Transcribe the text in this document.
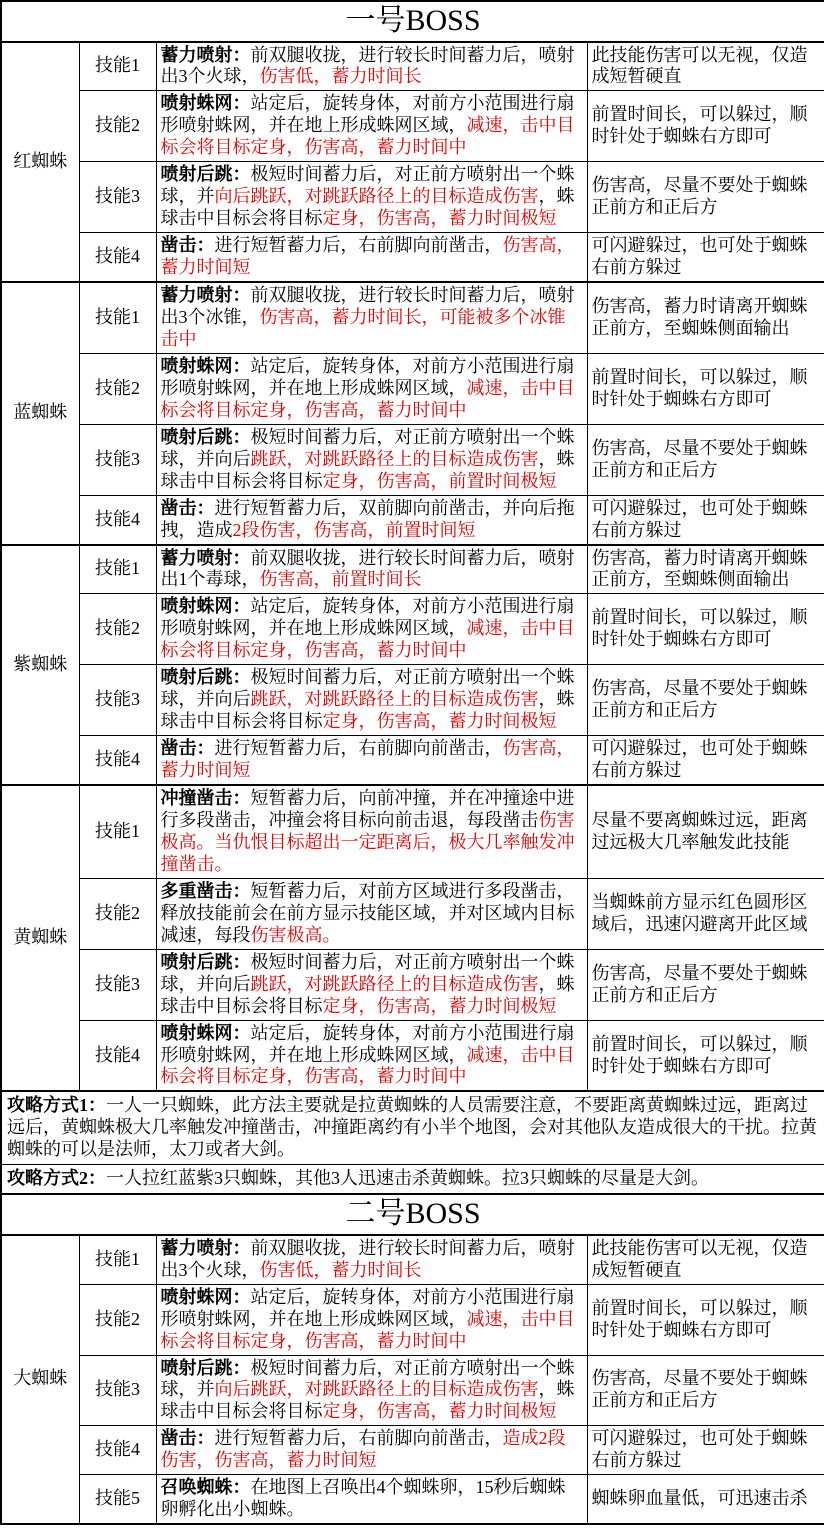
一号BOSS			
红蜘蛛	技能1	蓄力喷射：前双腿收拢，进行较长时间蓄力后，喷射出3个火球，伤害低，蓄力时间长	此技能伤害可以无视，仅造成短暂硬直
	技能2	喷射蛛网：站定后，旋转身体，对前方小范围进行扇形喷射蛛网，并在地上形成蛛网区域，减速，击中目标会将目标定身，伤害高，蓄力时间中	前置时间长，可以躲过，顺时针处于蜘蛛右方即可
	技能3	喷射后跳：极短时间蓄力后，对正前方喷射出一个蛛球，并向后跳跃，对跳跃路径上的目标造成伤害，蛛球击中目标会将目标定身，伤害高，蓄力时间极短	伤害高，尽量不要处于蜘蛛正前方和正后方
	技能4	凿击：进行短暂蓄力后，右前脚向前凿击，伤害高，蓄力时间短	可闪避躲过，也可处于蜘蛛右前方躲过
蓝蜘蛛	技能1	蓄力喷射：前双腿收拢，进行较长时间蓄力后，喷射出3个冰锥，伤害高，蓄力时间长，可能被多个冰锥击中	伤害高，蓄力时请离开蜘蛛正前方，至蜘蛛侧面输出
	技能2	喷射蛛网：站定后，旋转身体，对前方小范围进行扇形喷射蛛网，并在地上形成蛛网区域，减速，击中目标会将目标定身，伤害高，蓄力时间中	前置时间长，可以躲过，顺时针处于蜘蛛右方即可
	技能3	喷射后跳：极短时间蓄力后，对正前方喷射出一个蛛球，并向后跳跃，对跳跃路径上的目标造成伤害，蛛球击中目标会将目标定身，伤害高，前置时间极短	伤害高，尽量不要处于蜘蛛正前方和正后方
	技能4	凿击：进行短暂蓄力后，双前脚向前凿击，并向后拖拽，造成2段伤害，伤害高，前置时间短	可闪避躲过，也可处于蜘蛛右前方躲过
紫蜘蛛	技能1	蓄力喷射：前双腿收拢，进行较长时间蓄力后，喷射出1个毒球，伤害高，前置时间长	伤害高，蓄力时请离开蜘蛛正前方，至蜘蛛侧面输出
	技能2	喷射蛛网：站定后，旋转身体，对前方小范围进行扇形喷射蛛网，并在地上形成蛛网区域，减速，击中目标会将目标定身，伤害高，蓄力时间中	前置时间长，可以躲过，顺时针处于蜘蛛右方即可
	技能3	喷射后跳：极短时间蓄力后，对正前方喷射出一个蛛球，并向后跳跃，对跳跃路径上的目标造成伤害，蛛球击中目标会将目标定身，伤害高，蓄力时间极短	伤害高，尽量不要处于蜘蛛正前方和正后方
	技能4	凿击：进行短暂蓄力后，右前脚向前凿击，伤害高，蓄力时间短	可闪避躲过，也可处于蜘蛛右前方躲过
黄蜘蛛	技能1	冲撞凿击：短暂蓄力后，向前冲撞，并在冲撞途中进行多段凿击，冲撞会将目标向前击退，每段凿击伤害极高。当仇恨目标超出一定距离后，极大几率触发冲撞凿击。	尽量不要离蜘蛛过远，距离过远极大几率触发此技能
	技能2	多重凿击：短暂蓄力后，对前方区域进行多段凿击，释放技能前会在前方显示技能区域，并对区域内目标减速，每段伤害极高。	当蜘蛛前方显示红色圆形区域后，迅速闪避离开此区域
	技能3	喷射后跳：极短时间蓄力后，对正前方喷射出一个蛛球，并向后跳跃，对跳跃路径上的目标造成伤害，蛛球击中目标会将目标定身，伤害高，蓄力时间极短	伤害高，尽量不要处于蜘蛛正前方和正后方
	技能4	喷射蛛网：站定后，旋转身体，对前方小范围进行扇形喷射蛛网，并在地上形成蛛网区域，减速，击中目标会将目标定身，伤害高，蓄力时间中	前置时间长，可以躲过，顺时针处于蜘蛛右方即可
攻略方式1：一人一只蜘蛛，此方法主要就是拉黄蜘蛛的人员需要注意，不要距离黄蜘蛛过远，距离过远后，黄蜘蛛极大几率触发冲撞凿击，冲撞距离约有小半个地图，会对其他队友造成很大的干扰。拉黄蜘蛛的可以是法师，太刀或者大剑。			
攻略方式2：一人拉红蓝紫3只蜘蛛，其他3人迅速击杀黄蜘蛛。拉3只蜘蛛的尽量是大剑。			
二号BOSS			
大蜘蛛	技能1	蓄力喷射：前双腿收拢，进行较长时间蓄力后，喷射出3个火球，伤害低，蓄力时间长	此技能伤害可以无视，仅造成短暂硬直
	技能2	喷射蛛网：站定后，旋转身体，对前方小范围进行扇形喷射蛛网，并在地上形成蛛网区域，减速，击中目标会将目标定身，伤害高，蓄力时间中	前置时间长，可以躲过，顺时针处于蜘蛛右方即可
	技能3	喷射后跳：极短时间蓄力后，对正前方喷射出一个蛛球，并向后跳跃，对跳跃路径上的目标造成伤害，蛛球击中目标会将目标定身，伤害高，蓄力时间极短	伤害高，尽量不要处于蜘蛛正前方和正后方
	技能4	凿击：进行短暂蓄力后，右前脚向前凿击，造成2段伤害，伤害高，蓄力时间短	可闪避躲过，也可处于蜘蛛右前方躲过
	技能5	召唤蜘蛛：在地图上召唤出4个蜘蛛卵，15秒后蜘蛛卵孵化出小蜘蛛。	蜘蛛卵血量低，可迅速击杀
